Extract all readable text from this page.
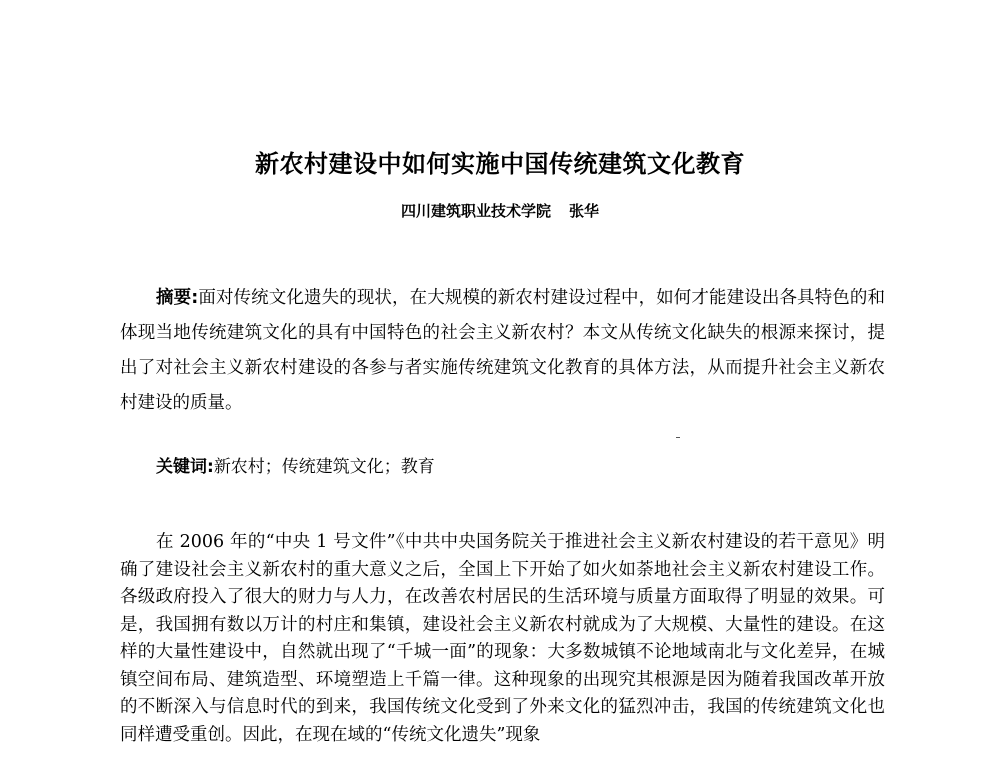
新农村建设中如何实施中国传统建筑文化教育
四川建筑职业技术学院 张华
摘要:面对传统文化遗失的现状，在大规模的新农村建设过程中，如何才能建设出各具特色的和体现当地传统建筑文化的具有中国特色的社会主义新农村？本文从传统文化缺失的根源来探讨，提出了对社会主义新农村建设的各参与者实施传统建筑文化教育的具体方法，从而提升社会主义新农村建设的质量。
关键词:新农村；传统建筑文化；教育
在 2006 年的“中央 1 号文件”《中共中央国务院关于推进社会主义新农村建设的若干意见》明确了建设社会主义新农村的重大意义之后，全国上下开始了如火如荼地社会主义新农村建设工作。各级政府投入了很大的财力与人力，在改善农村居民的生活环境与质量方面取得了明显的效果。可是，我国拥有数以万计的村庄和集镇，建设社会主义新农村就成为了大规模、大量性的建设。在这样的大量性建设中，自然就出现了“千城一面”的现象：大多数城镇不论地域南北与文化差异，在城镇空间布局、建筑造型、环境塑造上千篇一律。这种现象的出现究其根源是因为随着我国改革开放的不断深入与信息时代的到来，我国传统文化受到了外来文化的猛烈冲击，我国的传统建筑文化也同样遭受重创。因此，在现在域的“传统文化遗失”现象
